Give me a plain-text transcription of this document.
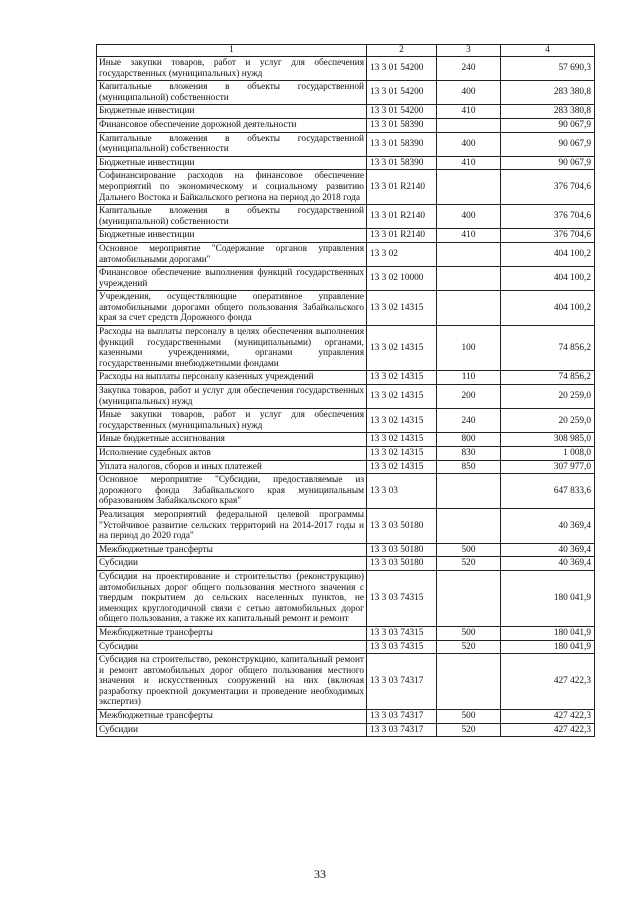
1	2	3	4
Иные закупки товаров, работ и услуг для обеспечения государственных (муниципальных) нужд	13 3 01 54200	240	57 690,3
Капитальные вложения в объекты государственной (муниципальной) собственности	13 3 01 54200	400	283 380,8
Бюджетные инвестиции	13 3 01 54200	410	283 380,8
Финансовое обеспечение дорожной деятельности	13 3 01 58390		90 067,9
Капитальные вложения в объекты государственной (муниципальной) собственности	13 3 01 58390	400	90 067,9
Бюджетные инвестиции	13 3 01 58390	410	90 067,9
Софинансирование расходов на финансовое обеспечение мероприятий по экономическому и социальному развитию Дальнего Востока и Байкальского региона на период до 2018 года	13 3 01 R2140		376 704,6
Капитальные вложения в объекты государственной (муниципальной) собственности	13 3 01 R2140	400	376 704,6
Бюджетные инвестиции	13 3 01 R2140	410	376 704,6
Основное мероприятие "Содержание органов управления автомобильными дорогами"	13 3 02		404 100,2
Финансовое обеспечение выполнения функций государственных учреждений	13 3 02 10000		404 100,2
Учреждения, осуществляющие оперативное управление автомобильными дорогами общего пользования Забайкальского края за счет средств Дорожного фонда	13 3 02 14315		404 100,2
Расходы на выплаты персоналу в целях обеспечения выполнения функций государственными (муниципальными) органами, казенными учреждениями, органами управления государственными внебюджетными фондами	13 3 02 14315	100	74 856,2
Расходы на выплаты персоналу казенных учреждений	13 3 02 14315	110	74 856,2
Закупка товаров, работ и услуг для обеспечения государственных (муниципальных) нужд	13 3 02 14315	200	20 259,0
Иные закупки товаров, работ и услуг для обеспечения государственных (муниципальных) нужд	13 3 02 14315	240	20 259,0
Иные бюджетные ассигнования	13 3 02 14315	800	308 985,0
Исполнение судебных актов	13 3 02 14315	830	1 008,0
Уплата налогов, сборов и иных платежей	13 3 02 14315	850	307 977,0
Основное мероприятие "Субсидии, предоставляемые из дорожного фонда Забайкальского края муниципальным образованиям Забайкальского края"	13 3 03		647 833,6
Реализация мероприятий федеральной целевой программы "Устойчивое развитие сельских территорий на 2014-2017 годы и на период до 2020 года"	13 3 03 50180		40 369,4
Межбюджетные трансферты	13 3 03 50180	500	40 369,4
Субсидии	13 3 03 50180	520	40 369,4
Субсидия на проектирование и строительство (реконструкцию) автомобильных дорог общего пользования местного значения с твердым покрытием до сельских населенных пунктов, не имеющих круглогодичной связи с сетью автомобильных дорог общего пользования, а также их капитальный ремонт и ремонт	13 3 03 74315		180 041,9
Межбюджетные трансферты	13 3 03 74315	500	180 041,9
Субсидии	13 3 03 74315	520	180 041,9
Субсидия на строительство, реконструкцию, капитальный ремонт и ремонт автомобильных дорог общего пользования местного значения и искусственных сооружений на них (включая разработку проектной документации и проведение необходимых экспертиз)	13 3 03 74317		427 422,3
Межбюджетные трансферты	13 3 03 74317	500	427 422,3
Субсидии	13 3 03 74317	520	427 422,3
33
